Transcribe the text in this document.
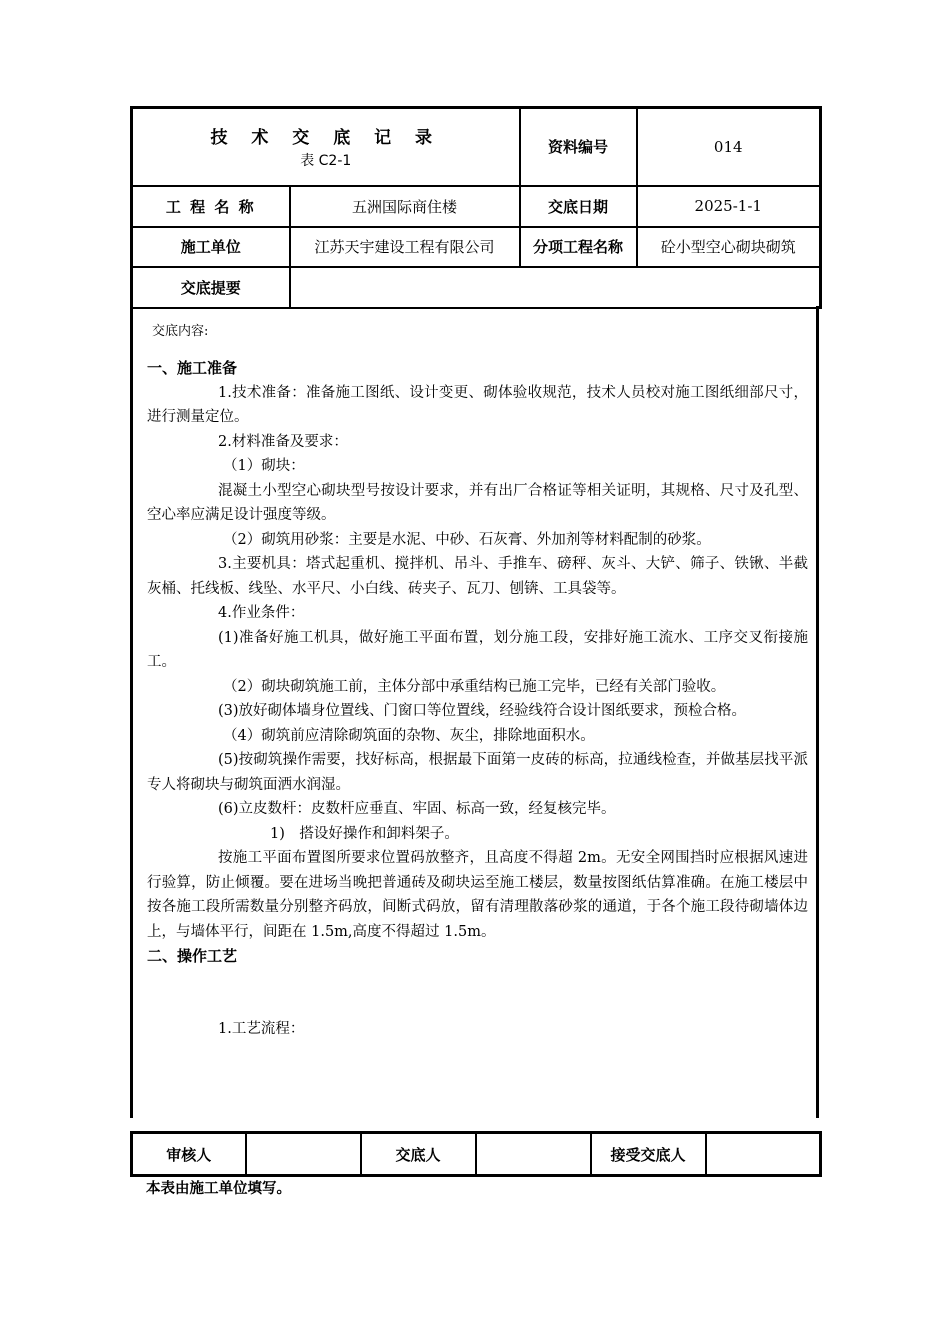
技 术 交 底 记 录
表 C2-1		资料编号	014
工 程 名 称	五洲国际商住楼	交底日期	2025-1-1
施工单位	江苏天宇建设工程有限公司	分项工程名称	砼小型空心砌块砌筑
交底提要			
一、施工准备
1.技术准备：准备施工图纸、设计变更、砌体验收规范，技术人员校对施工图纸细部尺寸，进行测量定位。
2.材料准备及要求：
（1）砌块：
混凝土小型空心砌块型号按设计要求，并有出厂合格证等相关证明，其规格、尺寸及孔型、空心率应满足设计强度等级。
（2）砌筑用砂浆：主要是水泥、中砂、石灰膏、外加剂等材料配制的砂浆。
3.主要机具：塔式起重机、搅拌机、吊斗、手推车、磅秤、灰斗、大铲、筛子、铁锹、半截灰桶、托线板、线坠、水平尺、小白线、砖夹子、瓦刀、刨锛、工具袋等。
4.作业条件：
(1)准备好施工机具，做好施工平面布置，划分施工段，安排好施工流水、工序交叉衔接施工。
（2）砌块砌筑施工前，主体分部中承重结构已施工完毕，已经有关部门验收。
(3)放好砌体墙身位置线、门窗口等位置线，经验线符合设计图纸要求，预检合格。
（4）砌筑前应清除砌筑面的杂物、灰尘，排除地面积水。
(5)按砌筑操作需要，找好标高，根据最下面第一皮砖的标高，拉通线检查，并做基层找平派专人将砌块与砌筑面洒水润湿。
(6)立皮数杆：皮数杆应垂直、牢固、标高一致，经复核完毕。
1)　搭设好操作和卸料架子。
按施工平面布置图所要求位置码放整齐，且高度不得超 2m。无安全网围挡时应根据风速进行验算，防止倾覆。要在进场当晚把普通砖及砌块运至施工楼层，数量按图纸估算准确。在施工楼层中按各施工段所需数量分别整齐码放，间断式码放，留有清理散落砂浆的通道，于各个施工段待砌墙体边上，与墙体平行，间距在 1.5m,高度不得超过 1.5m。
二、操作工艺
1.工艺流程：
交底内容:
审核人		交底人		接受交底人	
本表由施工单位填写。
